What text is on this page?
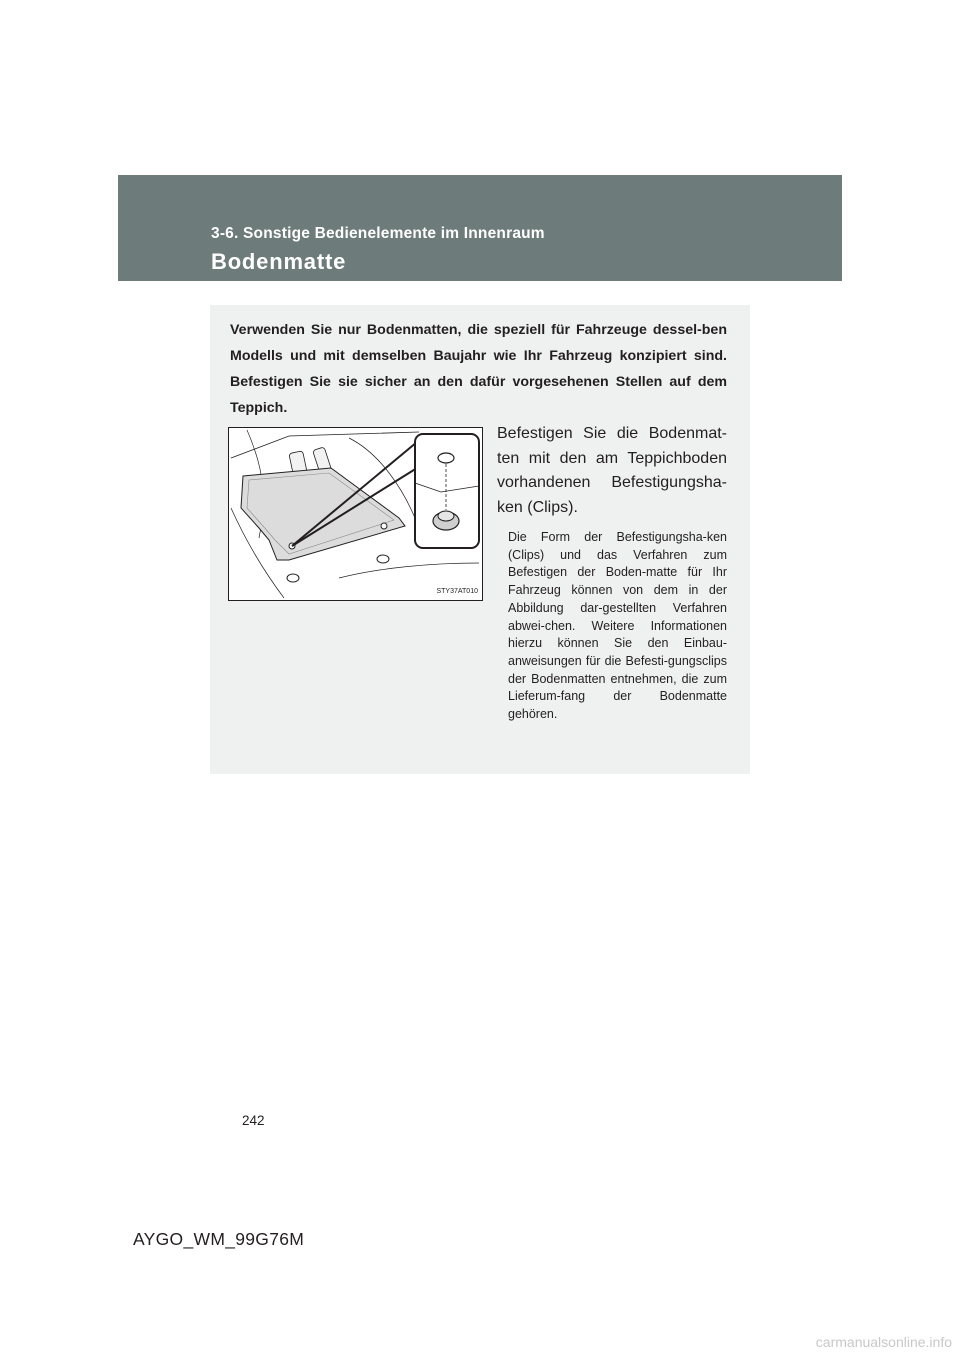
3-6. Sonstige Bedienelemente im Innenraum
Bodenmatte

Verwenden Sie nur Bodenmatten, die speziell für Fahrzeuge dessel-ben Modells und mit demselben Baujahr wie Ihr Fahrzeug konzipiert sind. Befestigen Sie sie sicher an den dafür vorgesehenen Stellen auf dem Teppich.

STY37AT010

Befestigen Sie die Bodenmat-ten mit den am Teppichboden vorhandenen Befestigungsha-ken (Clips).

Die Form der Befestigungsha-ken (Clips) und das Verfahren zum Befestigen der Boden-matte für Ihr Fahrzeug können von dem in der Abbildung dar-gestellten Verfahren abwei-chen. Weitere Informationen hierzu können Sie den Einbau-anweisungen für die Befesti-gungsclips der Bodenmatten entnehmen, die zum Lieferum-fang der Bodenmatte gehören.

242
AYGO_WM_99G76M
carmanualsonline.info
